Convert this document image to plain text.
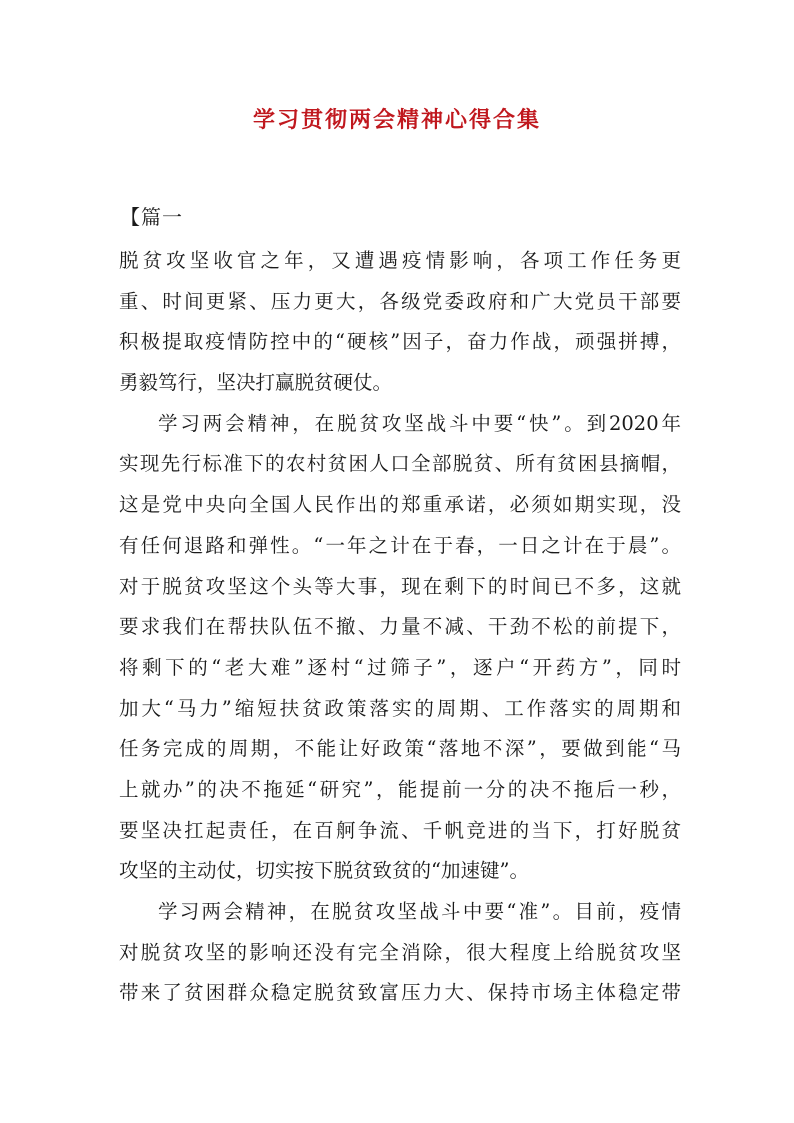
学习贯彻两会精神心得合集
【篇一
脱贫攻坚收官之年，又遭遇疫情影响，各项工作任务更
重、时间更紧、压力更大，各级党委政府和广大党员干部要
积极提取疫情防控中的“硬核”因子，奋力作战，顽强拼搏，
勇毅笃行，坚决打赢脱贫硬仗。
学习两会精神，在脱贫攻坚战斗中要“快”。到2020年
实现先行标准下的农村贫困人口全部脱贫、所有贫困县摘帽，
这是党中央向全国人民作出的郑重承诺，必须如期实现，没
有任何退路和弹性。“一年之计在于春，一日之计在于晨”。
对于脱贫攻坚这个头等大事，现在剩下的时间已不多，这就
要求我们在帮扶队伍不撤、力量不减、干劲不松的前提下，
将剩下的“老大难”逐村“过筛子”，逐户“开药方”，同时
加大“马力”缩短扶贫政策落实的周期、工作落实的周期和
任务完成的周期，不能让好政策“落地不深”，要做到能“马
上就办”的决不拖延“研究”，能提前一分的决不拖后一秒，
要坚决扛起责任，在百舸争流、千帆竞进的当下，打好脱贫
攻坚的主动仗，切实按下脱贫致贫的“加速键”。
学习两会精神，在脱贫攻坚战斗中要“准”。目前，疫情
对脱贫攻坚的影响还没有完全消除，很大程度上给脱贫攻坚
带来了贫困群众稳定脱贫致富压力大、保持市场主体稳定带
